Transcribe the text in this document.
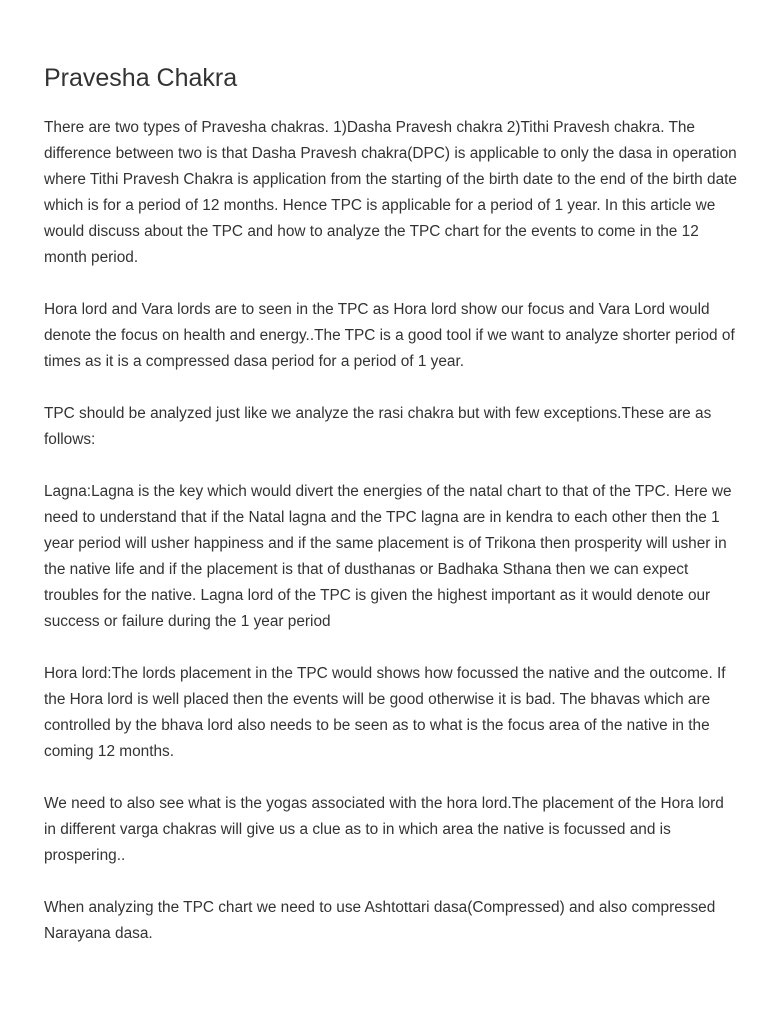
Pravesha Chakra

There are two types of Pravesha chakras. 1)Dasha Pravesh chakra 2)Tithi Pravesh chakra. The difference between two is that Dasha Pravesh chakra(DPC) is applicable to only the dasa in operation where Tithi Pravesh Chakra is application from the starting of the birth date to the end of the birth date which is for a period of 12 months. Hence TPC is applicable for a period of 1 year. In this article we would discuss about the TPC and how to analyze the TPC chart for the events to come in the 12 month period.

Hora lord and Vara lords are to seen in the TPC as Hora lord show our focus and Vara Lord would denote the focus on health and energy..The TPC is a good tool if we want to analyze shorter period of times as it is a compressed dasa period for a period of 1 year.

TPC should be analyzed just like we analyze the rasi chakra but with few exceptions.These are as follows:

Lagna:Lagna is the key which would divert the energies of the natal chart to that of the TPC. Here we need to understand that if the Natal lagna and the TPC lagna are in kendra to each other then the 1 year period will usher happiness and if the same placement is of Trikona then prosperity will usher in the native life and if the placement is that of dusthanas or Badhaka Sthana then we can expect troubles for the native. Lagna lord of the TPC is given the highest important as it would denote our success or failure during the 1 year period

Hora lord:The lords placement in the TPC would shows how focussed the native and the outcome. If the Hora lord is well placed then the events will be good otherwise it is bad. The bhavas which are controlled by the bhava lord also needs to be seen as to what is the focus area of the native in the coming 12 months.

We need to also see what is the yogas associated with the hora lord.The placement of the Hora lord in different varga chakras will give us a clue as to in which area the native is focussed and is prospering..

When analyzing the TPC chart we need to use Ashtottari dasa(Compressed) and also compressed Narayana dasa.
